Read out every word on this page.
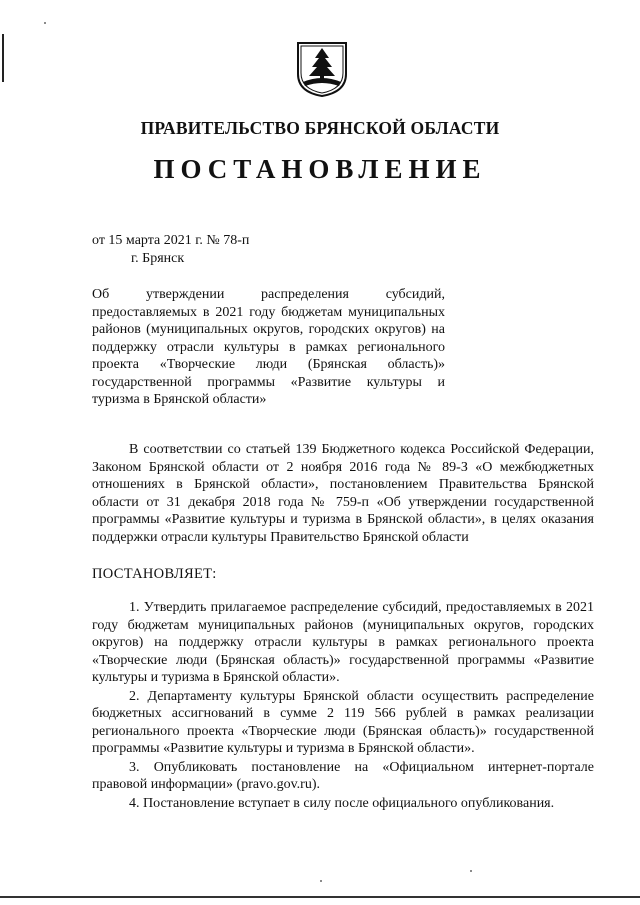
ПРАВИТЕЛЬСТВО БРЯНСКОЙ ОБЛАСТИ
ПОСТАНОВЛЕНИЕ
от 15 марта 2021 г. № 78-п
г. Брянск
Об утверждении распределения субсидий, предоставляемых в 2021 году бюджетам муниципальных районов (муниципальных округов, городских округов) на поддержку отрасли культуры в рамках регионального проекта «Творческие люди (Брянская область)» государственной программы «Развитие культуры и туризма в Брянской области»
В соответствии со статьей 139 Бюджетного кодекса Российской Федерации, Законом Брянской области от 2 ноября 2016 года № 89-З «О межбюджетных отношениях в Брянской области», постановлением Правительства Брянской области от 31 декабря 2018 года № 759-п «Об утверждении государственной программы «Развитие культуры и туризма в Брянской области», в целях оказания поддержки отрасли культуры Правительство Брянской области
ПОСТАНОВЛЯЕТ:

1. Утвердить прилагаемое распределение субсидий, предоставляемых в 2021 году бюджетам муниципальных районов (муниципальных округов, городских округов) на поддержку отрасли культуры в рамках регионального проекта «Творческие люди (Брянская область)» государственной программы «Развитие культуры и туризма в Брянской области».

2. Департаменту культуры Брянской области осуществить распределение бюджетных ассигнований в сумме 2 119 566 рублей в рамках реализации регионального проекта «Творческие люди (Брянская область)» государственной программы «Развитие культуры и туризма в Брянской области».

3. Опубликовать постановление на «Официальном интернет-портале правовой информации» (pravo.gov.ru).

4. Постановление вступает в силу после официального опубликования.
